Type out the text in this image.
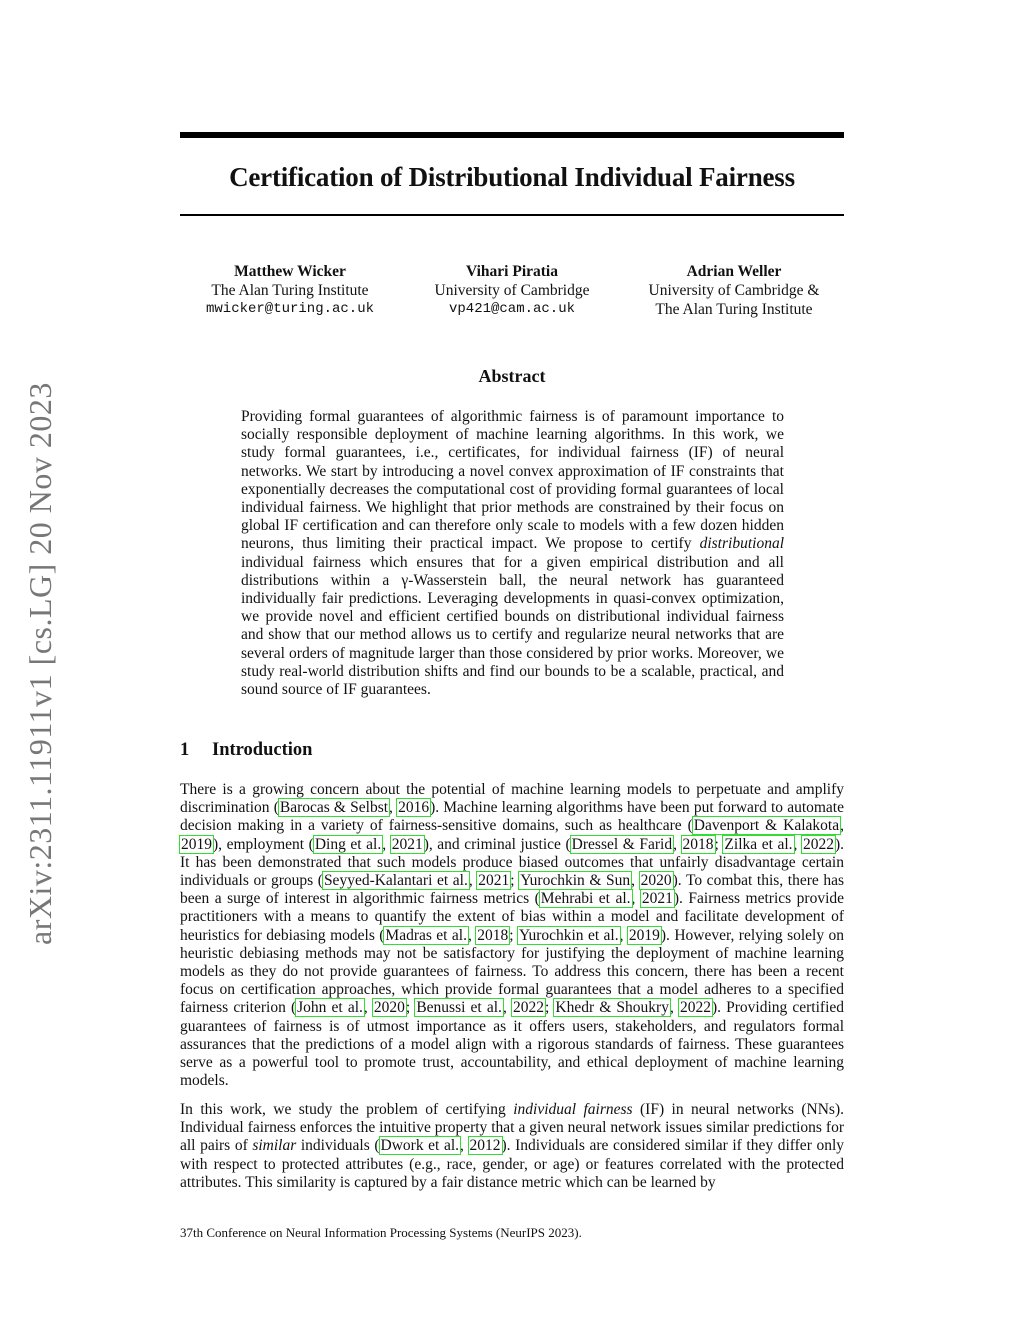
arXiv:2311.11911v1 [cs.LG] 20 Nov 2023
Certification of Distributional Individual Fairness
Matthew Wicker
The Alan Turing Institute
mwicker@turing.ac.uk
Vihari Piratia
University of Cambridge
vp421@cam.ac.uk
Adrian Weller
University of Cambridge &
The Alan Turing Institute
Abstract
Providing formal guarantees of algorithmic fairness is of paramount importance to socially responsible deployment of machine learning algorithms. In this work, we study formal guarantees, i.e., certificates, for individual fairness (IF) of neural networks. We start by introducing a novel convex approximation of IF constraints that exponentially decreases the computational cost of providing formal guarantees of local individual fairness. We highlight that prior methods are constrained by their focus on global IF certification and can therefore only scale to models with a few dozen hidden neurons, thus limiting their practical impact. We propose to certify distributional individual fairness which ensures that for a given empirical distribution and all distributions within a γ-Wasserstein ball, the neural network has guaranteed individually fair predictions. Leveraging developments in quasi-convex optimization, we provide novel and efficient certified bounds on distributional individual fairness and show that our method allows us to certify and regularize neural networks that are several orders of magnitude larger than those considered by prior works. Moreover, we study real-world distribution shifts and find our bounds to be a scalable, practical, and sound source of IF guarantees.
1 Introduction
There is a growing concern about the potential of machine learning models to perpetuate and amplify discrimination (Barocas & Selbst, 2016). Machine learning algorithms have been put forward to automate decision making in a variety of fairness-sensitive domains, such as healthcare (Davenport & Kalakota, 2019), employment (Ding et al., 2021), and criminal justice (Dressel & Farid, 2018; Zilka et al., 2022). It has been demonstrated that such models produce biased outcomes that unfairly disadvantage certain individuals or groups (Seyyed-Kalantari et al., 2021; Yurochkin & Sun, 2020). To combat this, there has been a surge of interest in algorithmic fairness metrics (Mehrabi et al., 2021). Fairness metrics provide practitioners with a means to quantify the extent of bias within a model and facilitate development of heuristics for debiasing models (Madras et al., 2018; Yurochkin et al., 2019). However, relying solely on heuristic debiasing methods may not be satisfactory for justifying the deployment of machine learning models as they do not provide guarantees of fairness. To address this concern, there has been a recent focus on certification approaches, which provide formal guarantees that a model adheres to a specified fairness criterion (John et al., 2020; Benussi et al., 2022; Khedr & Shoukry, 2022). Providing certified guarantees of fairness is of utmost importance as it offers users, stakeholders, and regulators formal assurances that the predictions of a model align with a rigorous standards of fairness. These guarantees serve as a powerful tool to promote trust, accountability, and ethical deployment of machine learning models.
In this work, we study the problem of certifying individual fairness (IF) in neural networks (NNs). Individual fairness enforces the intuitive property that a given neural network issues similar predictions for all pairs of similar individuals (Dwork et al., 2012). Individuals are considered similar if they differ only with respect to protected attributes (e.g., race, gender, or age) or features correlated with the protected attributes. This similarity is captured by a fair distance metric which can be learned by
37th Conference on Neural Information Processing Systems (NeurIPS 2023).
